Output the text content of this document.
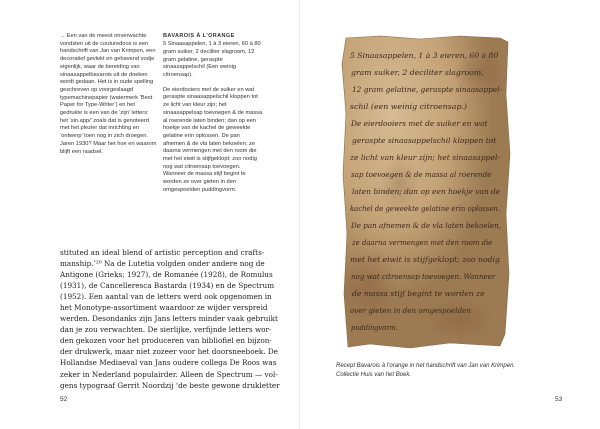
→Een van de meest onverwachte vondsten uit de couturedoos is een handschrift van Jan van Krimpen, een decoratief gevlekt en gehavend vodje eigenlijk, waar de bereiding van sinaasappelbavarois uit de doeken wordt gedaan. Het is in oude spelling geschreven op voorgeslaagd typemachinepapier (watermerk ‘Best Paper for Type-Writer’) en het gedrukte is een van de ‘zijn’ letters: het ‘sin.app/’ zoals dat is genoteerd met het plezier dat inrichting en ‘ontwerp’ toen nog in zich droegen. Jaren 1930? Maar het hoe en waarom blijft een raadsel.
BAVAROIS À L'ORANGE

5 Sinaasappelen, 1 à 3 eieren, 60 à 80 gram suiker, 2 deciliter slagroom, 12 gram gelatine, geraspte sinaasappelschil (Een weinig citroensap).

De eierdooiers met de suiker en wat geraspte sinaasappelschil kloppen tot ze licht van kleur zijn; het sinaasappelsap toevoegen & de massa al roerende laten binden; dan op een hoekje van de kachel de geweekte gelatine erin oplossen. De pan afnemen & de vla laten bekoelen; ze daarna vermengen met den room die met het eiwit is stijfgeklopt; zoo nodig nog wat citroensap toevoegen. Wanneer de massa stijf begint te worden ze over gieten in den omgespoelden puddingvorm.

stituted an ideal blend of artistic perception and crafts-
manship.’²⁰ Na de Lutetia volgden onder andere nog de
Antigone (Grieks; 1927), de Romanée (1928), de Romulus
(1931), de Cancelleresca Bastarda (1934) en de Spectrum
(1952). Een aantal van de letters werd ook opgenomen in
het Monotype-assortiment waardoor ze wijder verspreid
werden. Desondanks zijn Jans letters minder vaak gebruikt
dan je zou verwachten. De sierlijke, verfijnde letters wor-
den gekozen voor het produceren van bibliofiel en bijzon-
der drukwerk, maar niet zozeer voor het doorsneeboek. De
Hollandse Mediaeval van Jans oudere collega De Roos was
zeker in Nederland populairder. Alleen de Spectrum — vol-
gens typograaf Gerrit Noordzij ‘de beste gewone drukletter
52
5 Sinaasappelen, 1 à 3 eieren, 60 à 80
gram suiker, 2 deciliter slagroom,
12 gram gelatine, geraspte sinaasappel-
schil (een weinig citroensap.)
De eierdooiers met de suiker en wat
geraspte sinaasappelschil kloppen tot
ze licht van kleur zijn; het sinaasappel-
sap toevoegen & de massa al roerende
laten binden; dan op een hoekje van de
kachel de geweekte gelatine erin oplossen.
De pan afnemen & de vla laten bekoelen,
ze daarna vermengen met den room die
met het eiwit is stijfgeklopt; zoo nodig
nog wat citroensap toevoegen. Wanneer
de massa stijf begint te worden ze
over gieten in den omgespoelden
puddingvorm.
Recept Bavarois à l’orange in het handschrift van Jan van Krimpen. Collectie Huis van het Boek.
53
